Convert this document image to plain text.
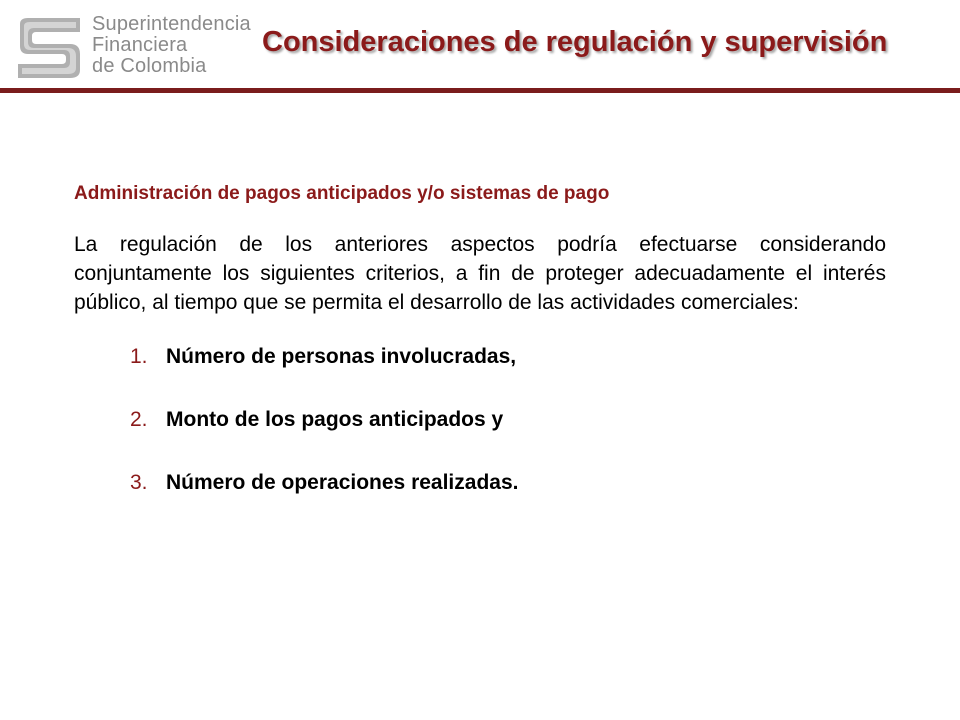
Superintendencia
Financiera
de Colombia
Consideraciones de regulación y supervisión

Administración de pagos anticipados y/o sistemas de pago

La regulación de los anteriores aspectos podría efectuarse considerando conjuntamente los siguientes criterios, a fin de proteger adecuadamente el interés público, al tiempo que se permita el desarrollo de las actividades comerciales:

1. Número de personas involucradas,
2. Monto de los pagos anticipados y
3. Número de operaciones realizadas.
